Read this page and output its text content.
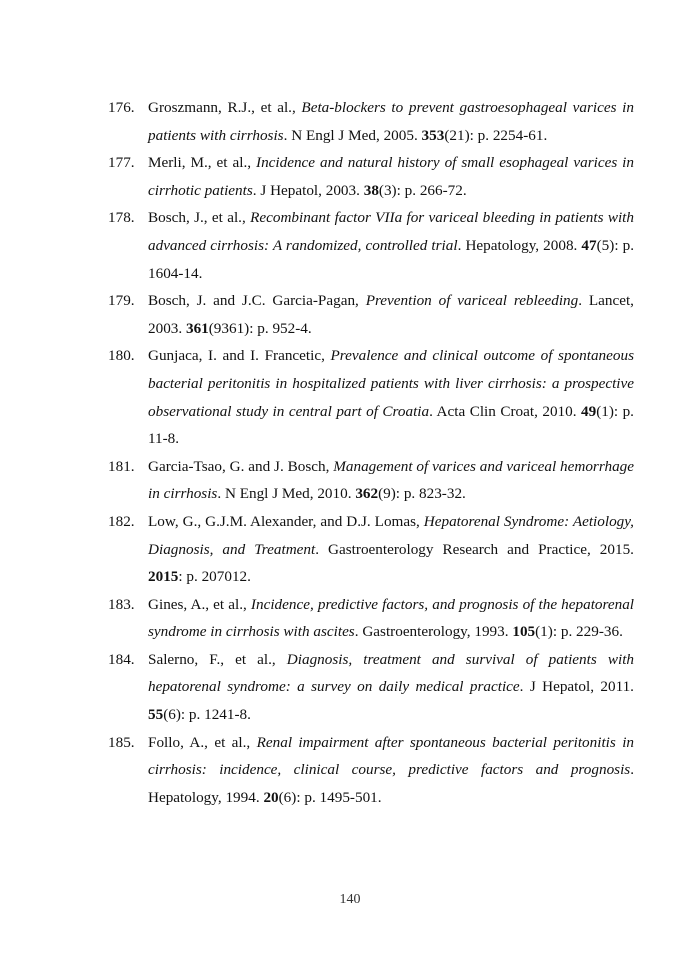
176. Groszmann, R.J., et al., Beta-blockers to prevent gastroesophageal varices in patients with cirrhosis. N Engl J Med, 2005. 353(21): p. 2254-61.
177. Merli, M., et al., Incidence and natural history of small esophageal varices in cirrhotic patients. J Hepatol, 2003. 38(3): p. 266-72.
178. Bosch, J., et al., Recombinant factor VIIa for variceal bleeding in patients with advanced cirrhosis: A randomized, controlled trial. Hepatology, 2008. 47(5): p. 1604-14.
179. Bosch, J. and J.C. Garcia-Pagan, Prevention of variceal rebleeding. Lancet, 2003. 361(9361): p. 952-4.
180. Gunjaca, I. and I. Francetic, Prevalence and clinical outcome of spontaneous bacterial peritonitis in hospitalized patients with liver cirrhosis: a prospective observational study in central part of Croatia. Acta Clin Croat, 2010. 49(1): p. 11-8.
181. Garcia-Tsao, G. and J. Bosch, Management of varices and variceal hemorrhage in cirrhosis. N Engl J Med, 2010. 362(9): p. 823-32.
182. Low, G., G.J.M. Alexander, and D.J. Lomas, Hepatorenal Syndrome: Aetiology, Diagnosis, and Treatment. Gastroenterology Research and Practice, 2015. 2015: p. 207012.
183. Gines, A., et al., Incidence, predictive factors, and prognosis of the hepatorenal syndrome in cirrhosis with ascites. Gastroenterology, 1993. 105(1): p. 229-36.
184. Salerno, F., et al., Diagnosis, treatment and survival of patients with hepatorenal syndrome: a survey on daily medical practice. J Hepatol, 2011. 55(6): p. 1241-8.
185. Follo, A., et al., Renal impairment after spontaneous bacterial peritonitis in cirrhosis: incidence, clinical course, predictive factors and prognosis. Hepatology, 1994. 20(6): p. 1495-501.
140
